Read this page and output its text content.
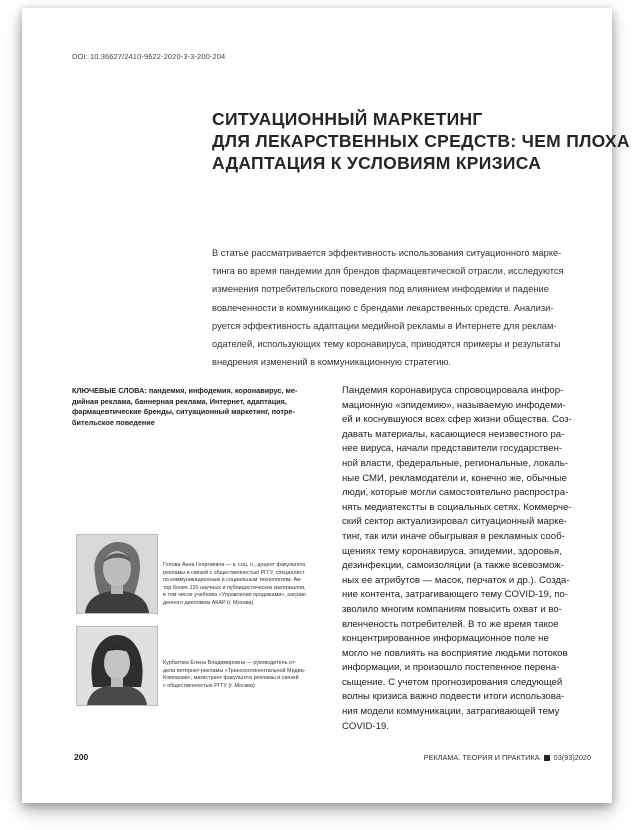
DOI: 10.36627/2410-9622-2020-3-3-200-204
СИТУАЦИОННЫЙ МАРКЕТИНГ
ДЛЯ ЛЕКАРСТВЕННЫХ СРЕДСТВ: ЧЕМ ПЛОХА
АДАПТАЦИЯ К УСЛОВИЯМ КРИЗИСА
В статье рассматривается эффективность использования ситуационного марке-
тинга во время пандемии для брендов фармацевтической отрасли, исследуются
изменения потребительского поведения под влиянием инфодемии и падение
вовлеченности в коммуникацию с брендами лекарственных средств. Анализи-
руется эффективность адаптации медийной рекламы в Интернете для реклам-
одателей, использующих тему коронавируса, приводятся примеры и результаты
внедрения изменений в коммуникационную стратегию.
КЛЮЧЕВЫЕ СЛОВА: пандемия, инфодемия, коронавирус, ме-
дийная реклама, баннерная реклама, Интернет, адаптация,
фармацевтические бренды, ситуационный маркетинг, потре-
бительское поведение
Пандемия коронавируса спровоцировала инфор-
мационную «эпидемию», называемую инфодеми-
ей и коснувшуюся всех сфер жизни общества. Соз-
давать материалы, касающиеся неизвестного ра-
нее вируса, начали представители государствен-
ной власти, федеральные, региональные, локаль-
ные СМИ, рекламодатели и, конечно же, обычные
люди, которые могли самостоятельно распростра-
нять медиатекстты в социальных сетях. Коммерче-
ский сектор актуализировал ситуационный марке-
тинг, так или иначе обыгрывая в рекламных сооб-
щениях тему коронавируса, эпидемии, здоровья,
дезинфекции, самоизоляции (а также всевозмож-
ных ее атрибутов — масок, перчаток и др.). Созда-
ние контента, затрагивающего тему COVID-19, по-
зволило многим компаниям повысить охват и во-
вленченость потребителей. В то же время такое
концентрированное информационное поле не
могло не повлиять на восприятие людьми потоков
информации, и произошло постепенное перена-
сыщение. С учетом прогнозирования следующей
волны кризиса важно подвести итоги использова-
ния модели коммуникации, затрагивающей тему
COVID-19.
Голова Анна Георгиевна — к. соц. н., доцент факультета
рекламы и связей с общественностью РГГУ, специалист
по коммуникационным и социальным технологиям. Ав-
тор более 120 научных и публицистических материалов,
в том числе учебника «Управление продажами», награж-
денного дипломом АКАР (г. Москва)
Курбатова Елена Владимировна — руководитель от-
дела интернет-рекламы «Трансконтинентальной Медиа-
Компании», магистрант факультета рекламы и связей
с общественностью РГГУ (г. Москва)
200	РЕКЛАМА. ТЕОРИЯ И ПРАКТИКА 03(93)2020
